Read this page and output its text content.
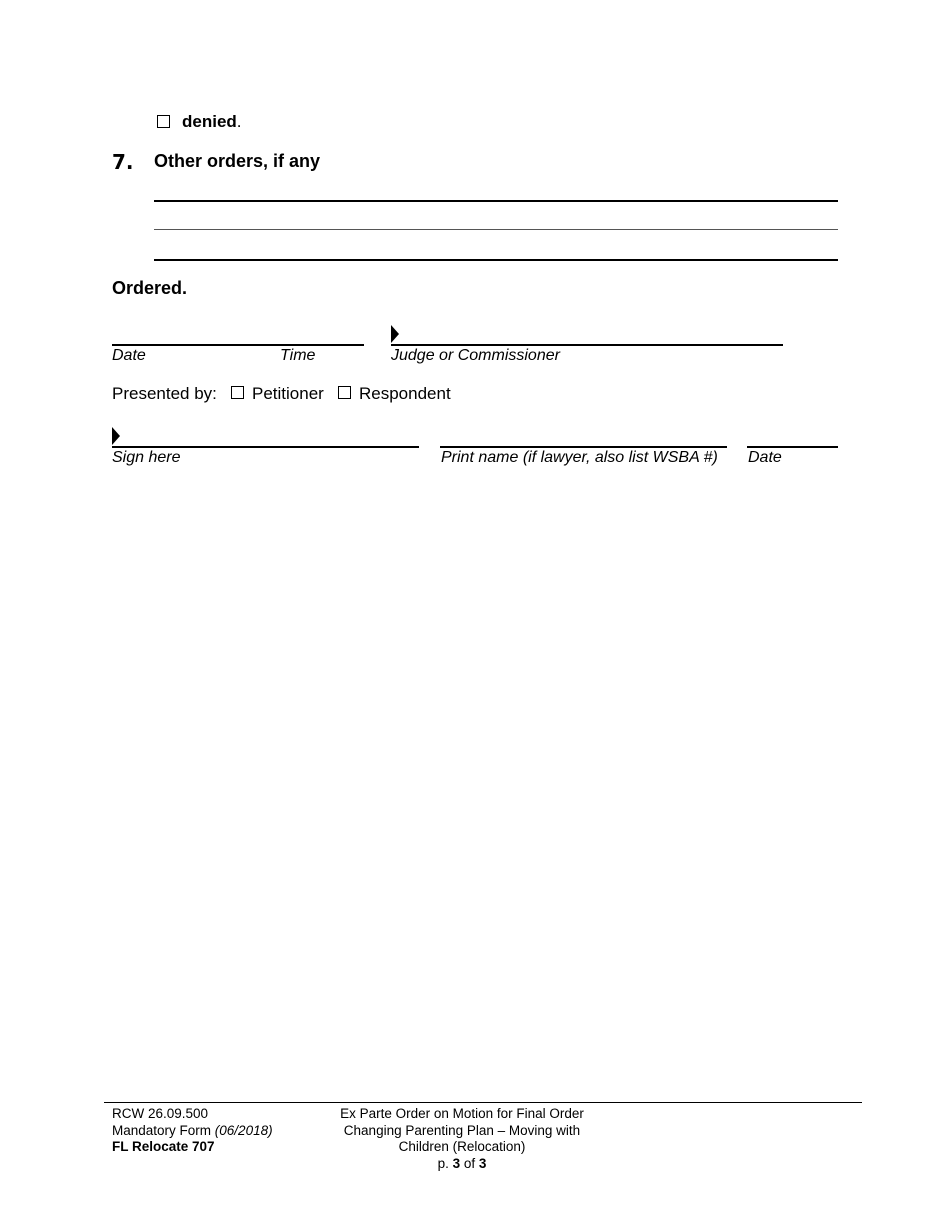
denied.
7. Other orders, if any
Ordered.
Date	Time	Judge or Commissioner
Presented by: Petitioner Respondent
Sign here	Print name (if lawyer, also list WSBA #) Date
RCW 26.09.500
Mandatory Form (06/2018)
FL Relocate 707
Ex Parte Order on Motion for Final Order
Changing Parenting Plan – Moving with
Children (Relocation)
p. 3 of 3
